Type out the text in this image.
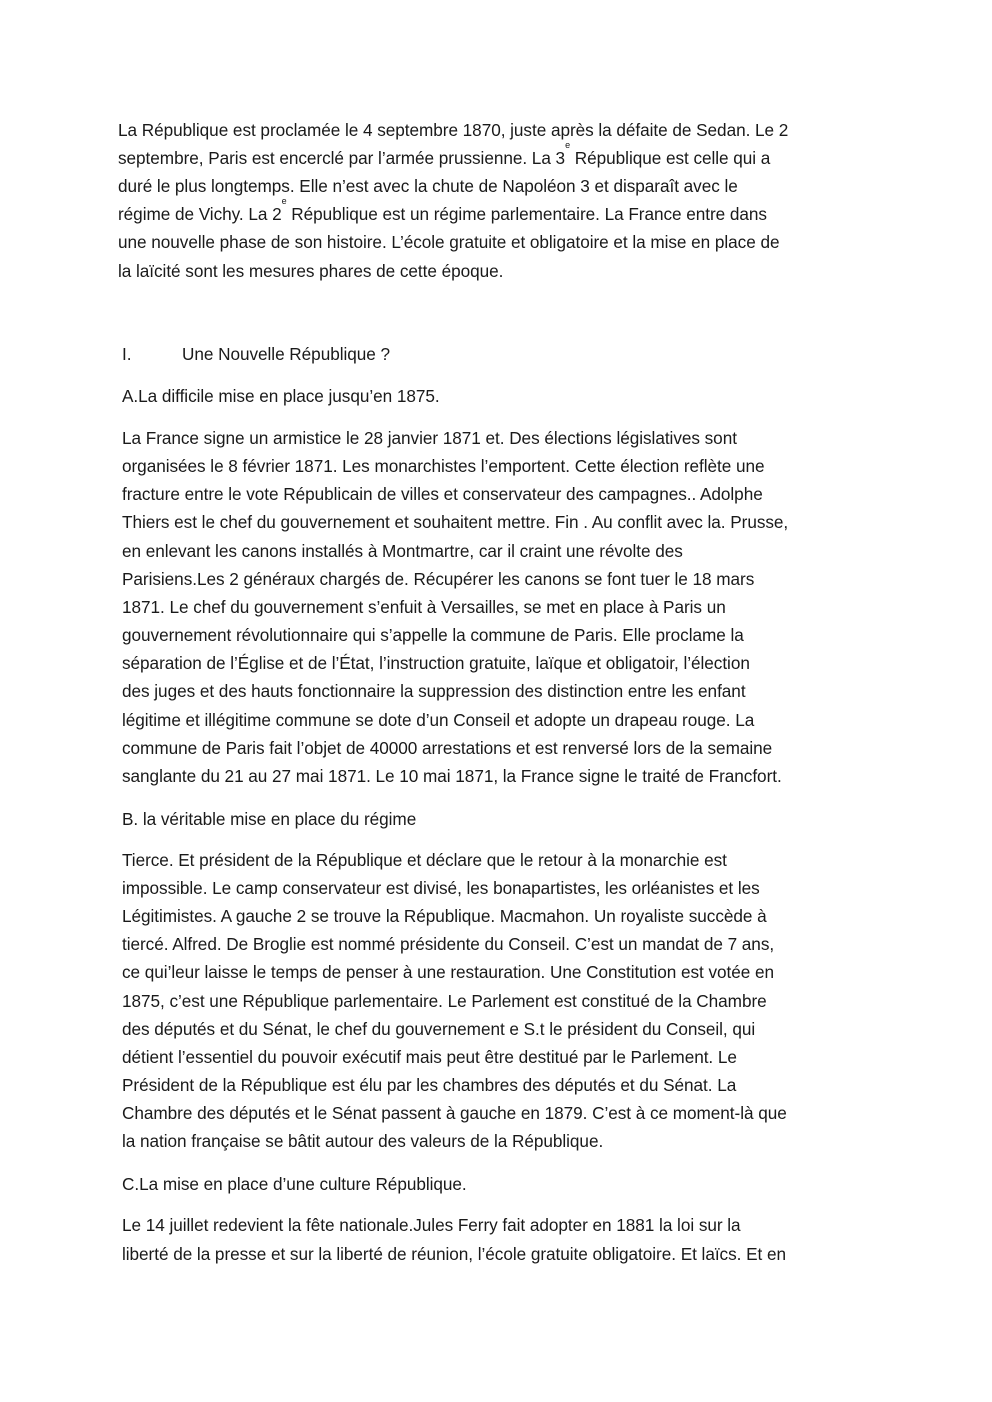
La République est proclamée le 4 septembre 1870, juste après la défaite de Sedan. Le 2
septembre, Paris est encerclé par l’armée prussienne. La 3e République est celle qui a
duré le plus longtemps. Elle n’est avec la chute de Napoléon 3 et disparaît avec le
régime de Vichy. La 2e République est un régime parlementaire. La France entre dans
une nouvelle phase de son histoire. L’école gratuite et obligatoire et la mise en place de
la laïcité sont les mesures phares de cette époque.
I.	Une Nouvelle République ?
A.La difficile mise en place jusqu’en 1875.
La France signe un armistice le 28 janvier 1871 et. Des élections législatives sont
organisées le 8 février 1871. Les monarchistes l’emportent. Cette élection reflète une
fracture entre le vote Républicain de villes et conservateur des campagnes.. Adolphe
Thiers est le chef du gouvernement et souhaitent mettre. Fin . Au conflit avec la. Prusse,
en enlevant les canons installés à Montmartre, car il craint une révolte des
Parisiens.Les 2 généraux chargés de. Récupérer les canons se font tuer le 18 mars
1871. Le chef du gouvernement s’enfuit à Versailles, se met en place à Paris un
gouvernement révolutionnaire qui s’appelle la commune de Paris. Elle proclame la
séparation de l’Église et de l’État, l’instruction gratuite, laïque et obligatoir, l’élection
des juges et des hauts fonctionnaire la suppression des distinction entre les enfant
légitime et illégitime commune se dote d’un Conseil et adopte un drapeau rouge. La
commune de Paris fait l’objet de 40000 arrestations et est renversé lors de la semaine
sanglante du 21 au 27 mai 1871. Le 10 mai 1871, la France signe le traité de Francfort.
B. la véritable mise en place du régime
Tierce. Et président de la République et déclare que le retour à la monarchie est
impossible. Le camp conservateur est divisé, les bonapartistes, les orléanistes et les
Légitimistes. A gauche 2 se trouve la République. Macmahon. Un royaliste succède à
tiercé. Alfred. De Broglie est nommé présidente du Conseil. C’est un mandat de 7 ans,
ce qui’leur laisse le temps de penser à une restauration. Une Constitution est votée en
1875, c’est une République parlementaire. Le Parlement est constitué de la Chambre
des députés et du Sénat, le chef du gouvernement e S.t le président du Conseil, qui
détient l’essentiel du pouvoir exécutif mais peut être destitué par le Parlement. Le
Président de la République est élu par les chambres des députés et du Sénat. La
Chambre des députés et le Sénat passent à gauche en 1879. C’est à ce moment-là que
la nation française se bâtit autour des valeurs de la République.
C.La mise en place d’une culture République.
Le 14 juillet redevient la fête nationale.Jules Ferry fait adopter en 1881 la loi sur la
liberté de la presse et sur la liberté de réunion, l’école gratuite obligatoire. Et laïcs. Et en
